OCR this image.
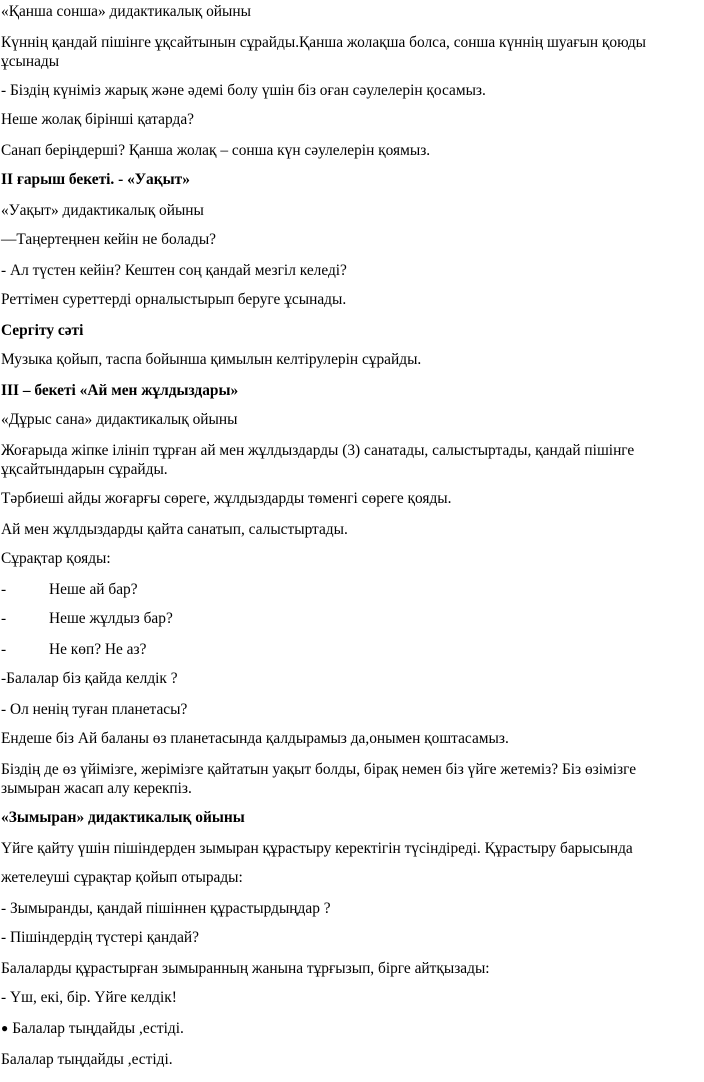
«Қанша сонша» дидактикалық ойыны
Күннің қандай пішінге ұқсайтынын сұрайды.Қанша жолақша болса, сонша күннің шуағын қоюды ұсынады
- Біздің күніміз жарық және әдемі болу үшін біз оған сәулелерін қосамыз.
Неше жолақ бірінші қатарда?
Санап беріңдерші? Қанша жолақ – сонша күн сәулелерін қоямыз.
II ғарыш бекеті. - «Уақыт»
«Уақыт» дидактикалық ойыны
—Таңертеңнен кейін не болады?
- Ал түстен кейін? Кештен соң қандай мезгіл келеді?
Реттімен суреттерді орналыстырып беруге ұсынады.
Сергіту сәті
Музыка қойып, таспа бойынша қимылын келтірулерін сұрайды.
III – бекеті «Ай мен жұлдыздары»
«Дұрыс сана» дидактикалық ойыны
Жоғарыда жіпке ілініп тұрған ай мен жұлдыздарды (3) санатады, салыстыртады, қандай пішінге ұқсайтындарын сұрайды.
Тәрбиеші айды жоғарғы сөреге, жұлдыздарды төменгі сөреге қояды.
Ай мен жұлдыздарды қайта санатып, салыстыртады.
Сұрақтар қояды:
-	Неше ай бар?
-	Неше жұлдыз бар?
-	Не көп? Не аз?
-Балалар біз қайда келдік ?
- Ол ненің туған планетасы?
Ендеше біз Ай баланы өз планетасында қалдырамыз да,онымен қоштасамыз.
Біздің де өз үйімізге, жерімізге қайтатын уақыт болды, бірақ немен біз үйге жетеміз? Біз өзімізге зымыран жасап алу керекпіз.
«Зымыран» дидактикалық ойыны
Үйге қайту үшін пішіндерден зымыран құрастыру керектігін түсіндіреді. Құрастыру барысында
жетелеуші сұрақтар қойып отырады:
- Зымыранды, қандай пішіннен құрастырдыңдар ?
- Пішіндердің түстері қандай?
Балаларды құрастырған зымыранның жанына тұрғызып, бірге айтқызады:
- Үш, екі, бір. Үйге келдік!
● Балалар тыңдайды ,естіді.
Балалар тыңдайды ,естіді.
